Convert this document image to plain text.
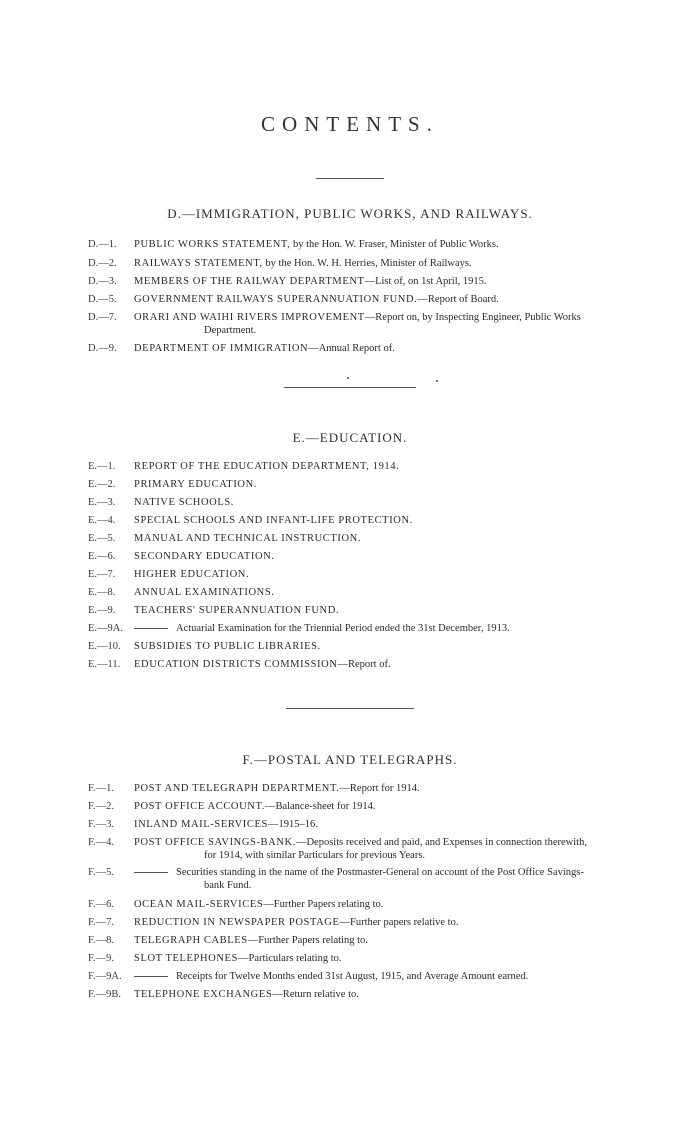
CONTENTS.
D.—IMMIGRATION, PUBLIC WORKS, AND RAILWAYS.
D.—1.	PUBLIC WORKS STATEMENT, by the Hon. W. Fraser, Minister of Public Works.
D.—2.	RAILWAYS STATEMENT, by the Hon. W. H. Herries, Minister of Railways.
D.—3.	MEMBERS OF THE RAILWAY DEPARTMENT—List of, on 1st April, 1915.
D.—5.	GOVERNMENT RAILWAYS SUPERANNUATION FUND.—Report of Board.
D.—7.	ORARI AND WAIHI RIVERS IMPROVEMENT—Report on, by Inspecting Engineer, Public Works
Department.
D.—9.	DEPARTMENT OF IMMIGRATION—Annual Report of.
E.—EDUCATION.
E.—1.	REPORT OF THE EDUCATION DEPARTMENT, 1914.
E.—2.	PRIMARY EDUCATION.
E.—3.	NATIVE SCHOOLS.
E.—4.	SPECIAL SCHOOLS AND INFANT-LIFE PROTECTION.
E.—5.	MANUAL AND TECHNICAL INSTRUCTION.
E.—6.	SECONDARY EDUCATION.
E.—7.	HIGHER EDUCATION.
E.—8.	ANNUAL EXAMINATIONS.
E.—9.	TEACHERS' SUPERANNUATION FUND.
E.—9A.	Actuarial Examination for the Triennial Period ended the 31st December, 1913.
E.—10.	SUBSIDIES TO PUBLIC LIBRARIES.
E.—11.	EDUCATION DISTRICTS COMMISSION—Report of.
F.—POSTAL AND TELEGRAPHS.
F.—1.	POST AND TELEGRAPH DEPARTMENT.—Report for 1914.
F.—2.	POST OFFICE ACCOUNT.—Balance-sheet for 1914.
F.—3.	INLAND MAIL-SERVICES—1915–16.
F.—4.	POST OFFICE SAVINGS-BANK.—Deposits received and paid, and Expenses in connection therewith,
for 1914, with similar Particulars for previous Years.
F.—5.	Securities standing in the name of the Postmaster-General on account of the Post Office Savings-
bank Fund.
F.—6.	OCEAN MAIL-SERVICES—Further Papers relating to.
F.—7.	REDUCTION IN NEWSPAPER POSTAGE—Further papers relative to.
F.—8.	TELEGRAPH CABLES—Further Papers relating to.
F.—9.	SLOT TELEPHONES—Particulars relating to.
F.—9A.	Receipts for Twelve Months ended 31st August, 1915, and Average Amount earned.
F.—9B.	TELEPHONE EXCHANGES—Return relative to.
